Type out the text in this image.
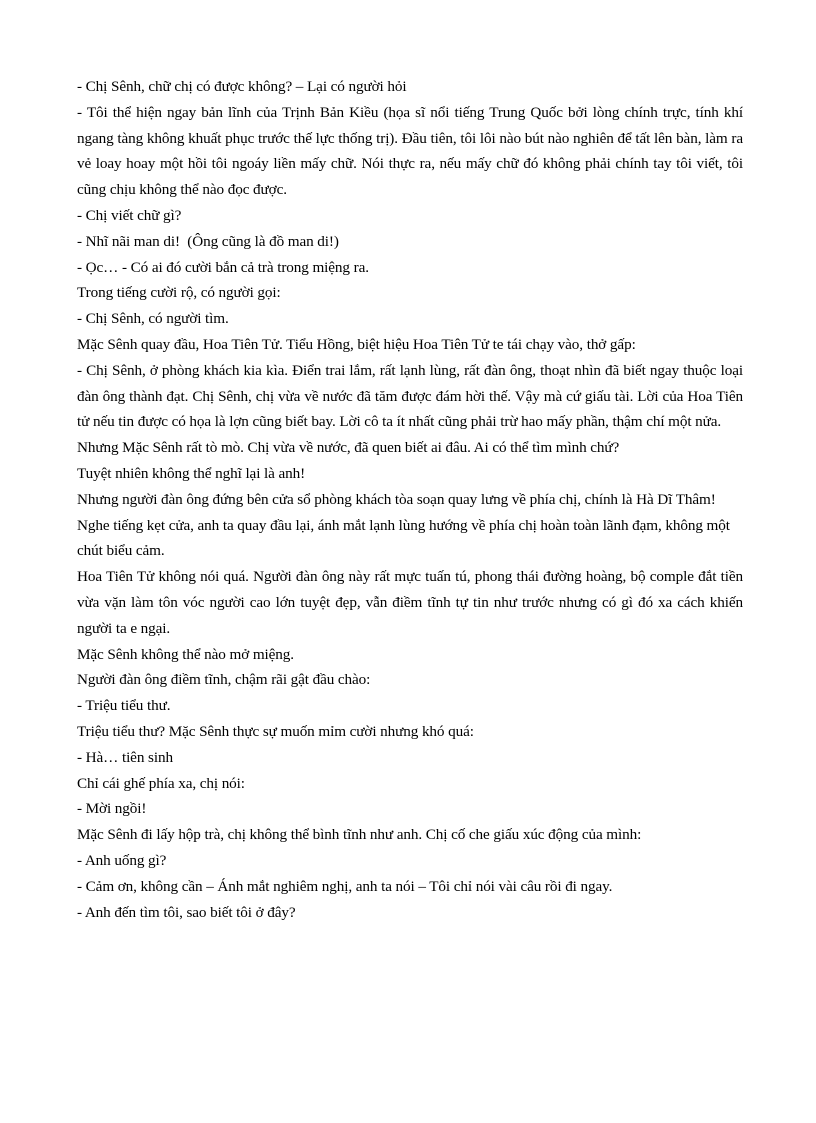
- Chị Sênh, chữ chị có được không? – Lại có người hỏi

- Tôi thể hiện ngay bản lĩnh của Trịnh Bản Kiều (họa sĩ nổi tiếng Trung Quốc bởi lòng chính trực, tính khí ngang tàng không khuất phục trước thế lực thống trị). Đầu tiên, tôi lôi nào bút nào nghiên để tất lên bàn, làm ra vẻ loay hoay một hồi tôi ngoáy liền mấy chữ. Nói thực ra, nếu mấy chữ đó không phải chính tay tôi viết, tôi cũng chịu không thể nào đọc được.

- Chị viết chữ gì?

- Nhĩ nãi man di!  (Ông cũng là đồ man di!)

- Ọc… - Có ai đó cười bắn cả trà trong miệng ra.

Trong tiếng cười rộ, có người gọi:

- Chị Sênh, có người tìm.

Mặc Sênh quay đầu, Hoa Tiên Tử. Tiểu Hồng, biệt hiệu Hoa Tiên Tử te tái chạy vào, thở gấp:

- Chị Sênh, ở phòng khách kia kìa. Điển trai lắm, rất lạnh lùng, rất đàn ông, thoạt nhìn đã biết ngay thuộc loại đàn ông thành đạt. Chị Sênh, chị vừa về nước đã tăm được đám hời thế. Vậy mà cứ giấu tài. Lời của Hoa Tiên tử nếu tin được có họa là lợn cũng biết bay. Lời cô ta ít nhất cũng phải trừ hao mấy phần, thậm chí một nửa.

Nhưng Mặc Sênh rất tò mò. Chị vừa về nước, đã quen biết ai đâu. Ai có thể tìm mình chứ?

Tuyệt nhiên không thể nghĩ lại là anh!

Nhưng người đàn ông đứng bên cửa sổ phòng khách tòa soạn quay lưng về phía chị, chính là Hà Dĩ Thâm!

Nghe tiếng kẹt cửa, anh ta quay đầu lại, ánh mắt lạnh lùng hướng về phía chị hoàn toàn lãnh đạm, không một chút biểu cảm.

Hoa Tiên Tử không nói quá. Người đàn ông này rất mực tuấn tú, phong thái đường hoàng, bộ comple đắt tiền vừa vặn làm tôn vóc người cao lớn tuyệt đẹp, vẫn điềm tĩnh tự tin như trước nhưng có gì đó xa cách khiến người ta e ngại.

Mặc Sênh không thể nào mở miệng.

Người đàn ông điềm tĩnh, chậm rãi gật đầu chào:

- Triệu tiểu thư.

Triệu tiểu thư? Mặc Sênh thực sự muốn mỉm cười nhưng khó quá:

- Hà… tiên sinh

Chỉ cái ghế phía xa, chị nói:

- Mời ngồi!

Mặc Sênh đi lấy hộp trà, chị không thể bình tĩnh như anh. Chị cố che giấu xúc động của mình:

- Anh uống gì?

- Cảm ơn, không cần – Ánh mắt nghiêm nghị, anh ta nói – Tôi chỉ nói vài câu rồi đi ngay.

- Anh đến tìm tôi, sao biết tôi ở đây?
